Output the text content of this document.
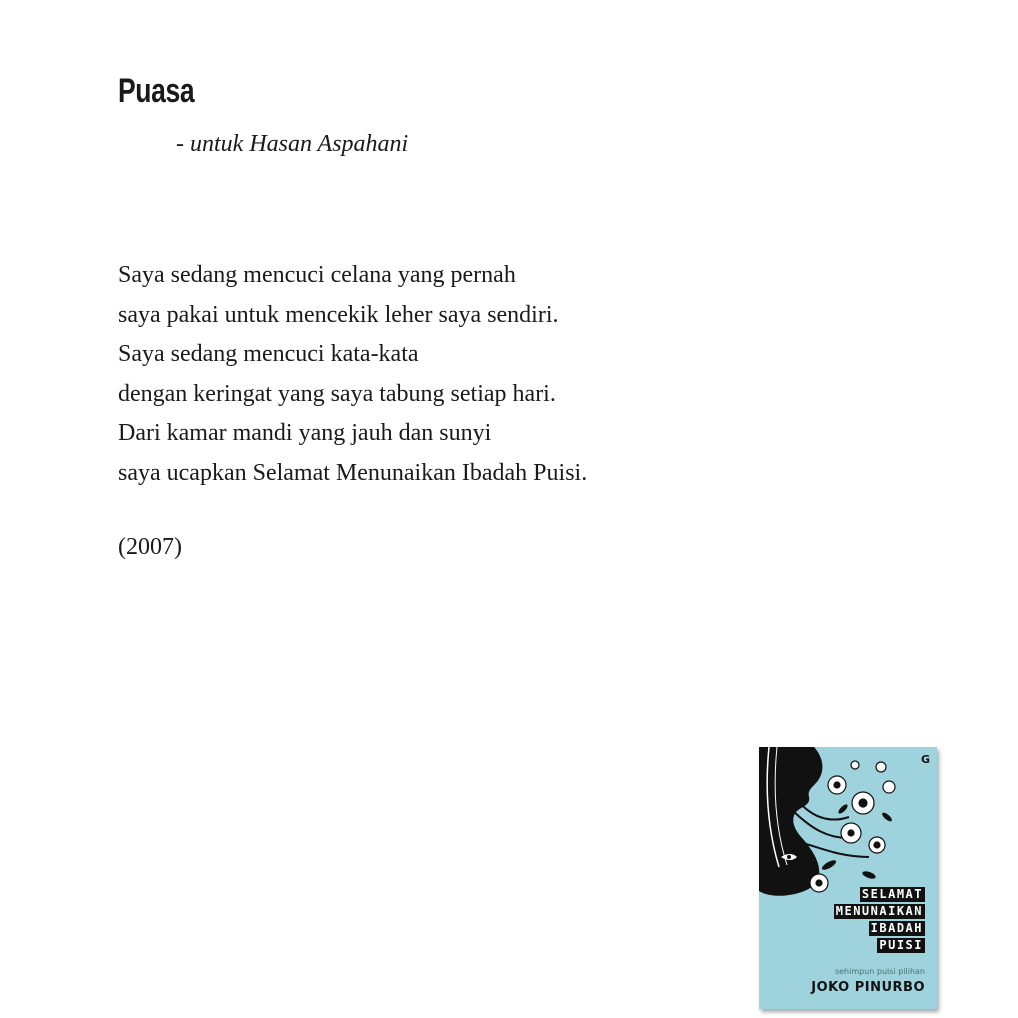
Puasa
- untuk Hasan Aspahani
Saya sedang mencuci celana yang pernah
saya pakai untuk mencekik leher saya sendiri.
Saya sedang mencuci kata-kata
dengan keringat yang saya tabung setiap hari.
Dari kamar mandi yang jauh dan sunyi
saya ucapkan Selamat Menunaikan Ibadah Puisi.
(2007)
G
SELAMAT
MENUNAIKAN
IBADAH
PUISI
sehimpun puisi pilihan
JOKO PINURBO
